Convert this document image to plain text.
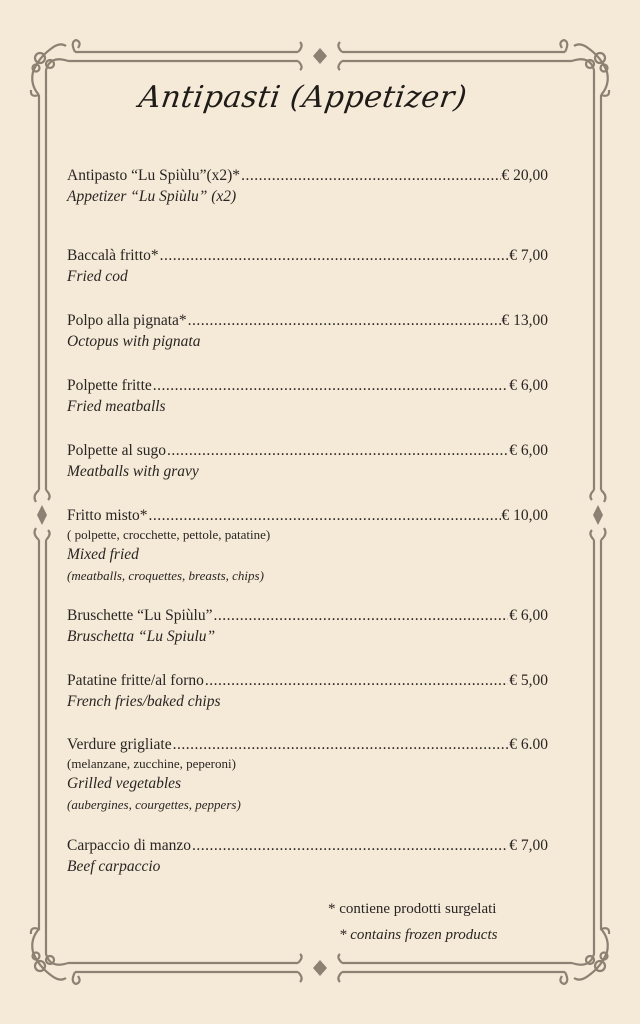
Antipasti (Appetizer)
Antipasto “Lu Spiùlu”(x2)* .....	€ 20,00
Appetizer “Lu Spiùlu” (x2)
Baccalà fritto* .....	€ 7,00
Fried cod
Polpo alla pignata* .....	€ 13,00
Octopus with pignata
Polpette fritte .....	€ 6,00
Fried meatballs
Polpette al sugo .....	€ 6,00
Meatballs with gravy
Fritto misto* .....	€ 10,00
( polpette, crocchette, pettole, patatine)
Mixed fried
(meatballs, croquettes, breasts, chips)
Bruschette “Lu Spiùlu” .....	€ 6,00
Bruschetta “Lu Spiulu”
Patatine fritte/al forno .....	€ 5,00
French fries/baked chips
Verdure grigliate .....	€ 6.00
(melanzane, zucchine, peperoni)
Grilled vegetables
(aubergines, courgettes, peppers)
Carpaccio di manzo .....	€ 7,00
Beef carpaccio
* contiene prodotti surgelati
* contains frozen products
